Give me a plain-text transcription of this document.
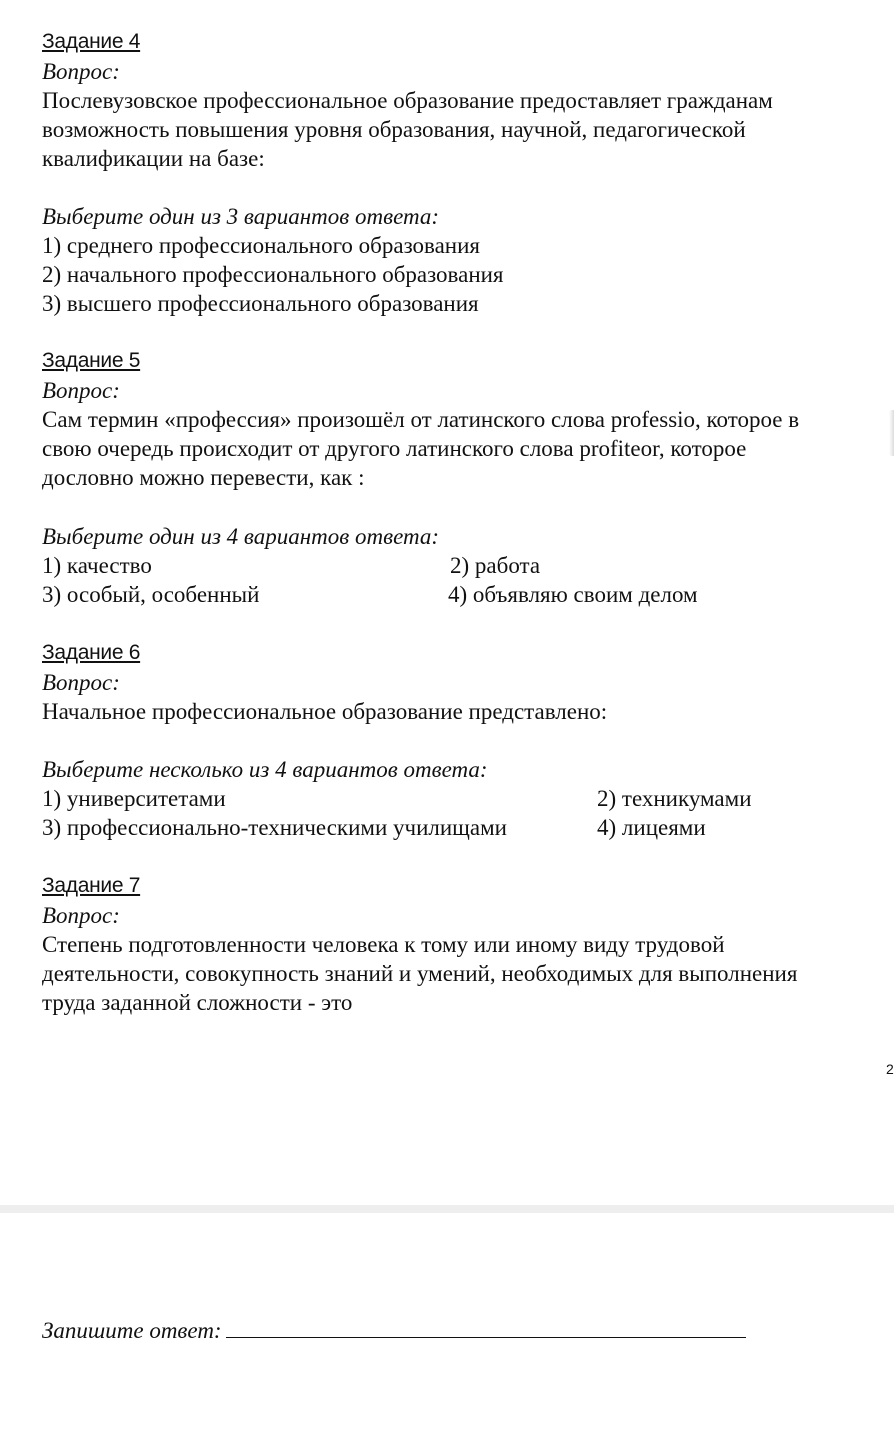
Задание 4
Вопрос:
Послевузовское профессиональное образование предоставляет гражданам
возможность повышения уровня образования, научной, педагогической
квалификации на базе:
Выберите один из 3 вариантов ответа:
1) среднего профессионального образования
2) начального профессионального образования
3) высшего профессионального образования
Задание 5
Вопрос:
Сам термин «профессия» произошёл от латинского слова professio, которое в
свою очередь происходит от другого латинского слова profiteor, которое
дословно можно перевести, как :
Выберите один из 4 вариантов ответа:
1) качество	2) работа
3) особый, особенный	4) объявляю своим делом
Задание 6
Вопрос:
Начальное профессиональное образование представлено:
Выберите несколько из 4 вариантов ответа:
1) университетами	2) техникумами
3) профессионально-техническими училищами	4) лицеями
Задание 7
Вопрос:
Степень подготовленности человека к тому или иному виду трудовой
деятельности, совокупность знаний и умений, необходимых для выполнения
труда заданной сложности - это
2
Запишите ответ:
